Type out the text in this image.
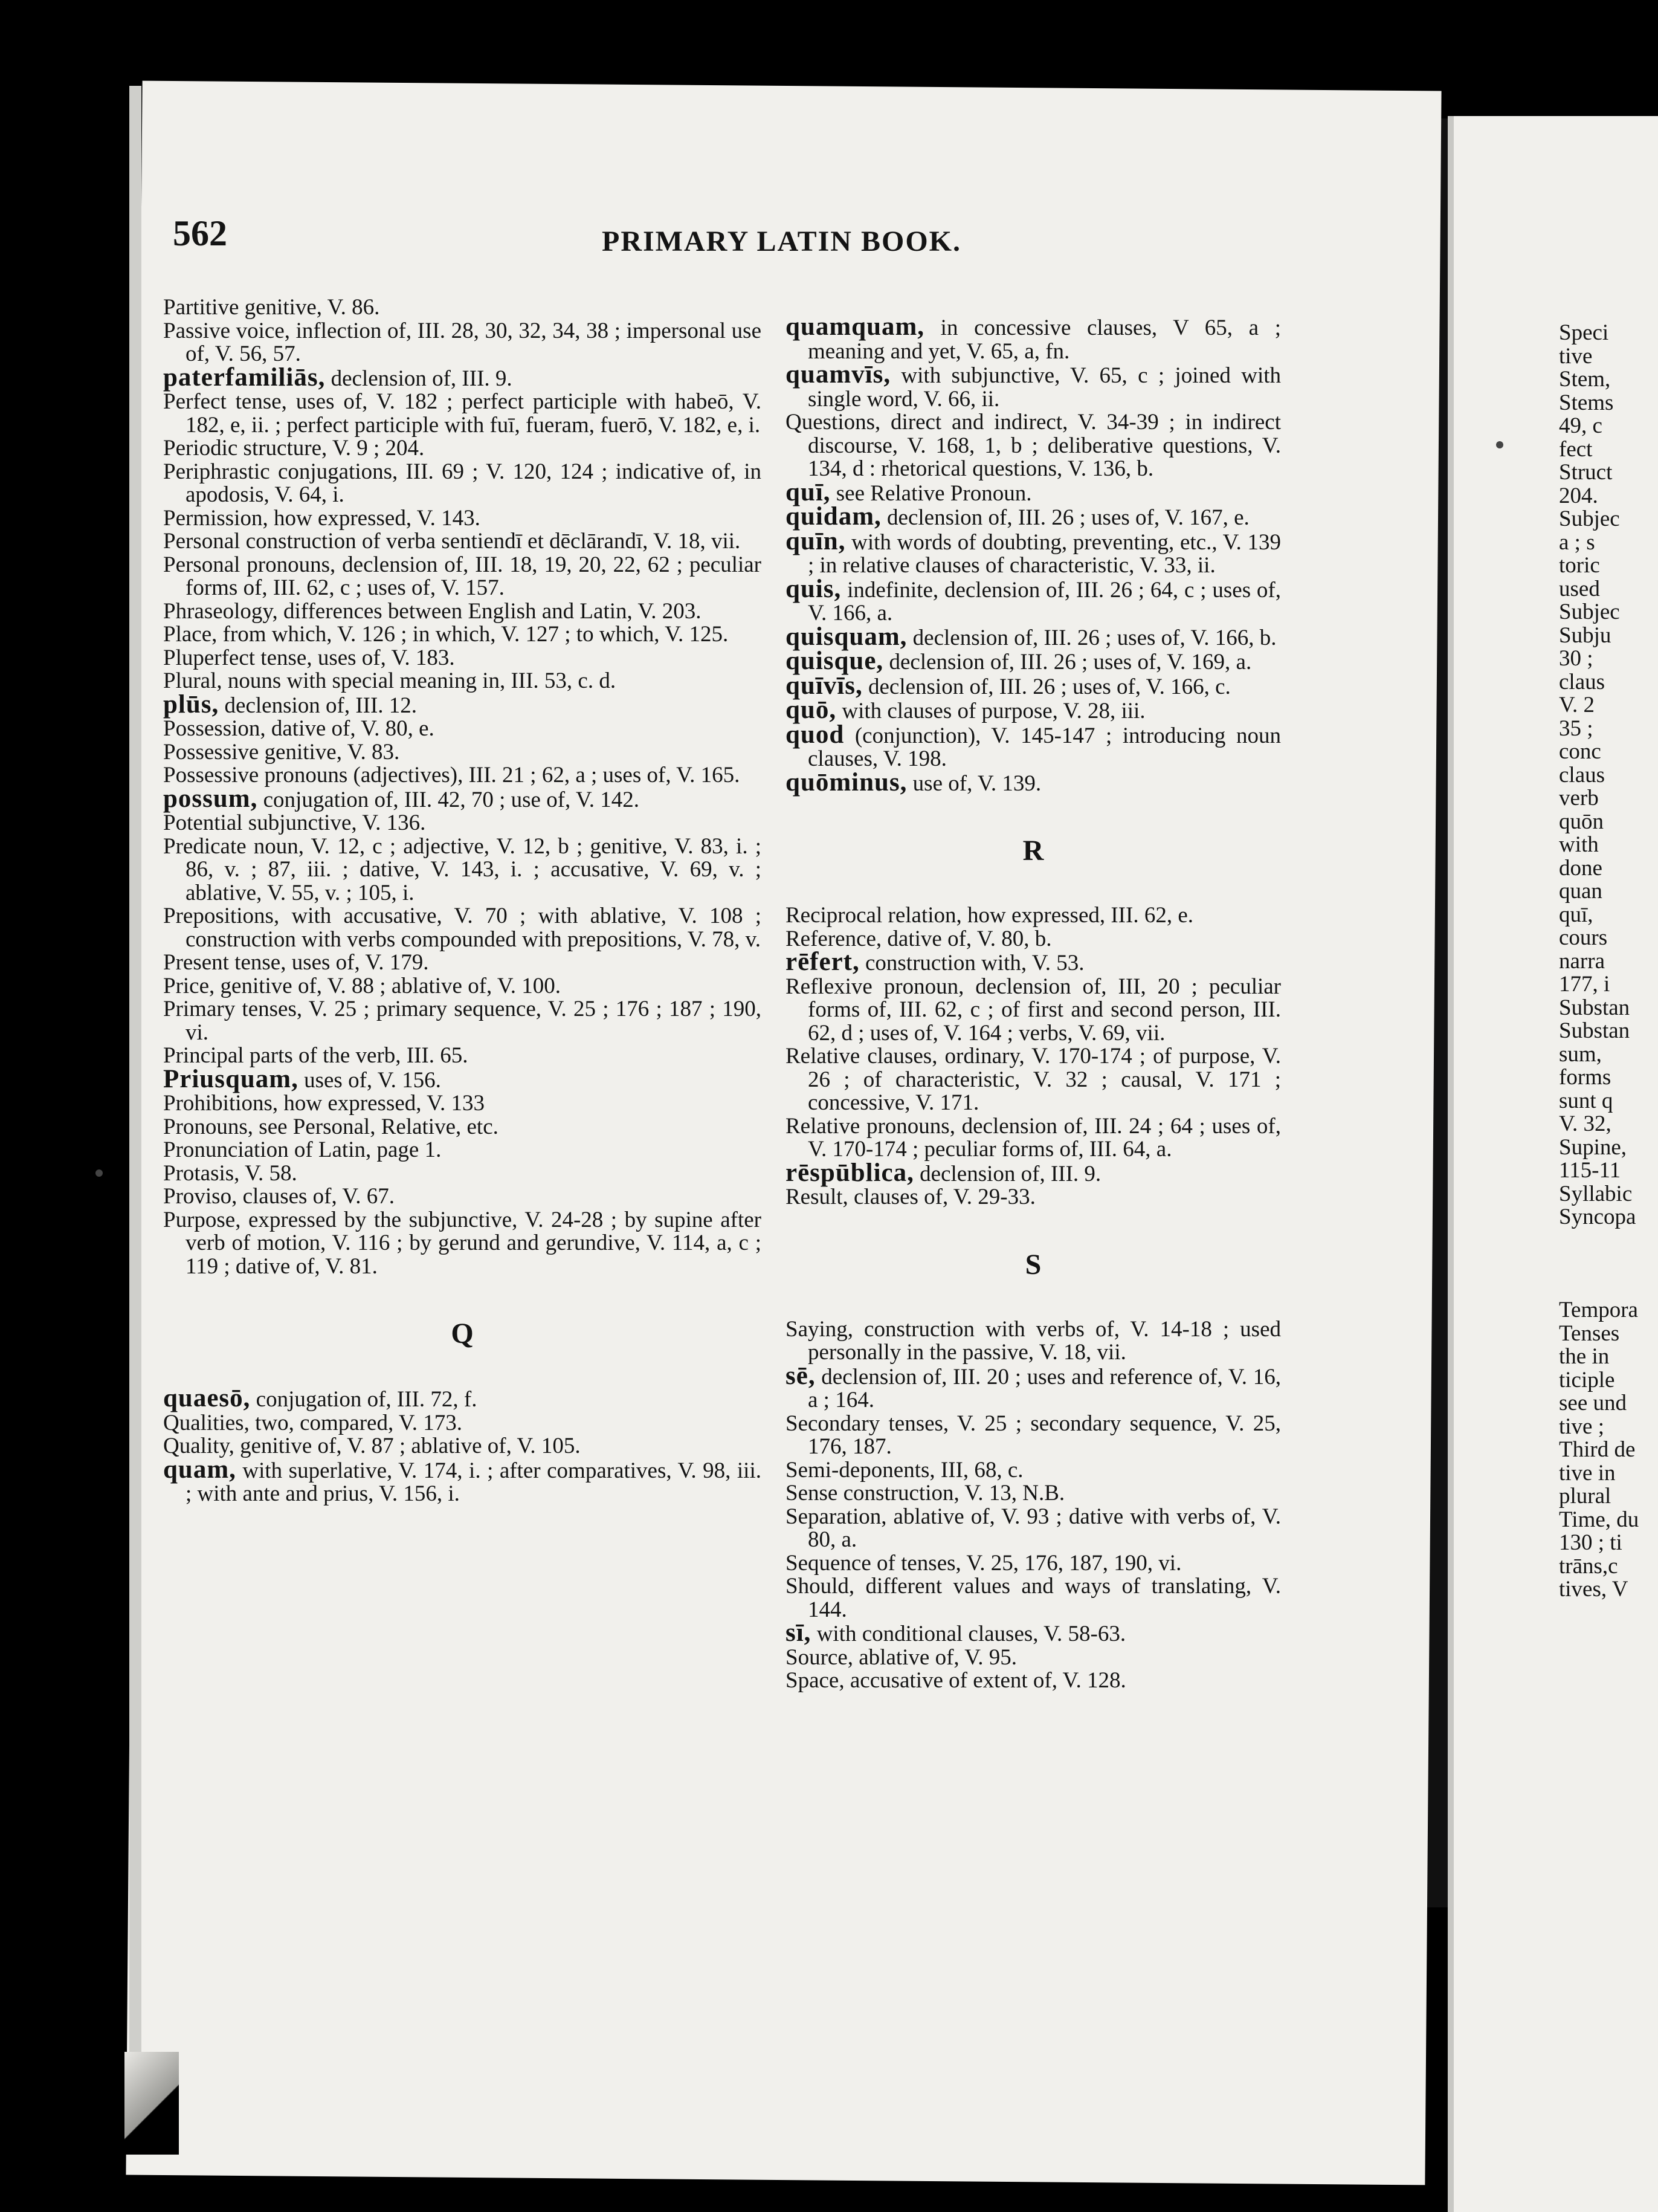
562	PRIMARY LATIN BOOK.

Partitive genitive, V. 86.

Passive voice, inflection of, III. 28, 30, 32, 34, 38 ; impersonal use of, V. 56, 57.

paterfamiliās, declension of, III. 9.

Perfect tense, uses of, V. 182 ; perfect participle with habeō, V. 182, e, ii. ; perfect participle with fuī, fueram, fuerō, V. 182, e, i.

Periodic structure, V. 9 ; 204.

Periphrastic conjugations, III. 69 ; V. 120, 124 ; indicative of, in apodosis, V. 64, i.

Permission, how expressed, V. 143.

Personal construction of verba sentiendī et dēclārandī, V. 18, vii.

Personal pronouns, declension of, III. 18, 19, 20, 22, 62 ; peculiar forms of, III. 62, c ; uses of, V. 157.

Phraseology, differences between English and Latin, V. 203.

Place, from which, V. 126 ; in which, V. 127 ; to which, V. 125.

Pluperfect tense, uses of, V. 183.

Plural, nouns with special meaning in, III. 53, c. d.

plūs, declension of, III. 12.

Possession, dative of, V. 80, e.

Possessive genitive, V. 83.

Possessive pronouns (adjectives), III. 21 ; 62, a ; uses of, V. 165.

possum, conjugation of, III. 42, 70 ; use of, V. 142.

Potential subjunctive, V. 136.

Predicate noun, V. 12, c ; adjective, V. 12, b ; genitive, V. 83, i. ; 86, v. ; 87, iii. ; dative, V. 143, i. ; accusative, V. 69, v. ; ablative, V. 55, v. ; 105, i.

Prepositions, with accusative, V. 70 ; with ablative, V. 108 ; construction with verbs compounded with prepositions, V. 78, v.

Present tense, uses of, V. 179.

Price, genitive of, V. 88 ; ablative of, V. 100.

Primary tenses, V. 25 ; primary sequence, V. 25 ; 176 ; 187 ; 190, vi.

Principal parts of the verb, III. 65.

Priusquam, uses of, V. 156.

Prohibitions, how expressed, V. 133

Pronouns, see Personal, Relative, etc.

Pronunciation of Latin, page 1.

Protasis, V. 58.

Proviso, clauses of, V. 67.

Purpose, expressed by the subjunctive, V. 24-28 ; by supine after verb of motion, V. 116 ; by gerund and gerundive, V. 114, a, c ; 119 ; dative of, V. 81.

Q

quaesō, conjugation of, III. 72, f.

Qualities, two, compared, V. 173.

Quality, genitive of, V. 87 ; ablative of, V. 105.

quam, with superlative, V. 174, i. ; after comparatives, V. 98, iii. ; with ante and prius, V. 156, i.

quamquam, in concessive clauses, V 65, a ; meaning and yet, V. 65, a, fn.

quamvīs, with subjunctive, V. 65, c ; joined with single word, V. 66, ii.

Questions, direct and indirect, V. 34-39 ; in indirect discourse, V. 168, 1, b ; deliberative questions, V. 134, d : rhetorical questions, V. 136, b.

quī, see Relative Pronoun.

quidam, declension of, III. 26 ; uses of, V. 167, e.

quīn, with words of doubting, preventing, etc., V. 139 ; in relative clauses of characteristic, V. 33, ii.

quis, indefinite, declension of, III. 26 ; 64, c ; uses of, V. 166, a.

quisquam, declension of, III. 26 ; uses of, V. 166, b.

quisque, declension of, III. 26 ; uses of, V. 169, a.

quīvīs, declension of, III. 26 ; uses of, V. 166, c.

quō, with clauses of purpose, V. 28, iii.

quod (conjunction), V. 145-147 ; introducing noun clauses, V. 198.

quōminus, use of, V. 139.

R

Reciprocal relation, how expressed, III. 62, e.

Reference, dative of, V. 80, b.

rēfert, construction with, V. 53.

Reflexive pronoun, declension of, III, 20 ; peculiar forms of, III. 62, c ; of first and second person, III. 62, d ; uses of, V. 164 ; verbs, V. 69, vii.

Relative clauses, ordinary, V. 170-174 ; of purpose, V. 26 ; of characteristic, V. 32 ; causal, V. 171 ; concessive, V. 171.

Relative pronouns, declension of, III. 24 ; 64 ; uses of, V. 170-174 ; peculiar forms of, III. 64, a.

rēspūblica, declension of, III. 9.

Result, clauses of, V. 29-33.

S

Saying, construction with verbs of, V. 14-18 ; used personally in the passive, V. 18, vii.

sē, declension of, III. 20 ; uses and reference of, V. 16, a ; 164.

Secondary tenses, V. 25 ; secondary sequence, V. 25, 176, 187.

Semi-deponents, III, 68, c.

Sense construction, V. 13, N.B.

Separation, ablative of, V. 93 ; dative with verbs of, V. 80, a.

Sequence of tenses, V. 25, 176, 187, 190, vi.

Should, different values and ways of translating, V. 144.

sī, with conditional clauses, V. 58-63.

Source, ablative of, V. 95.

Space, accusative of extent of, V. 128.

Speci
tive
Stem,
Stems
49, c
fect
Struct
204.
Subjec
a ; s
toric
used
Subjec
Subju
30 ;
claus
V. 2
35 ;
conc
claus
verb
quōn
with
done
quan
quī,
cours
narra
177, i
Substan
Substan
sum,
forms
sunt q
V. 32,
Supine,
115-11
Syllabic
Syncopa
Tempora
Tenses
the in
ticiple
see und
tive ;
Third de
tive in
plural
Time, du
130 ; ti
trāns,c
tives, V
